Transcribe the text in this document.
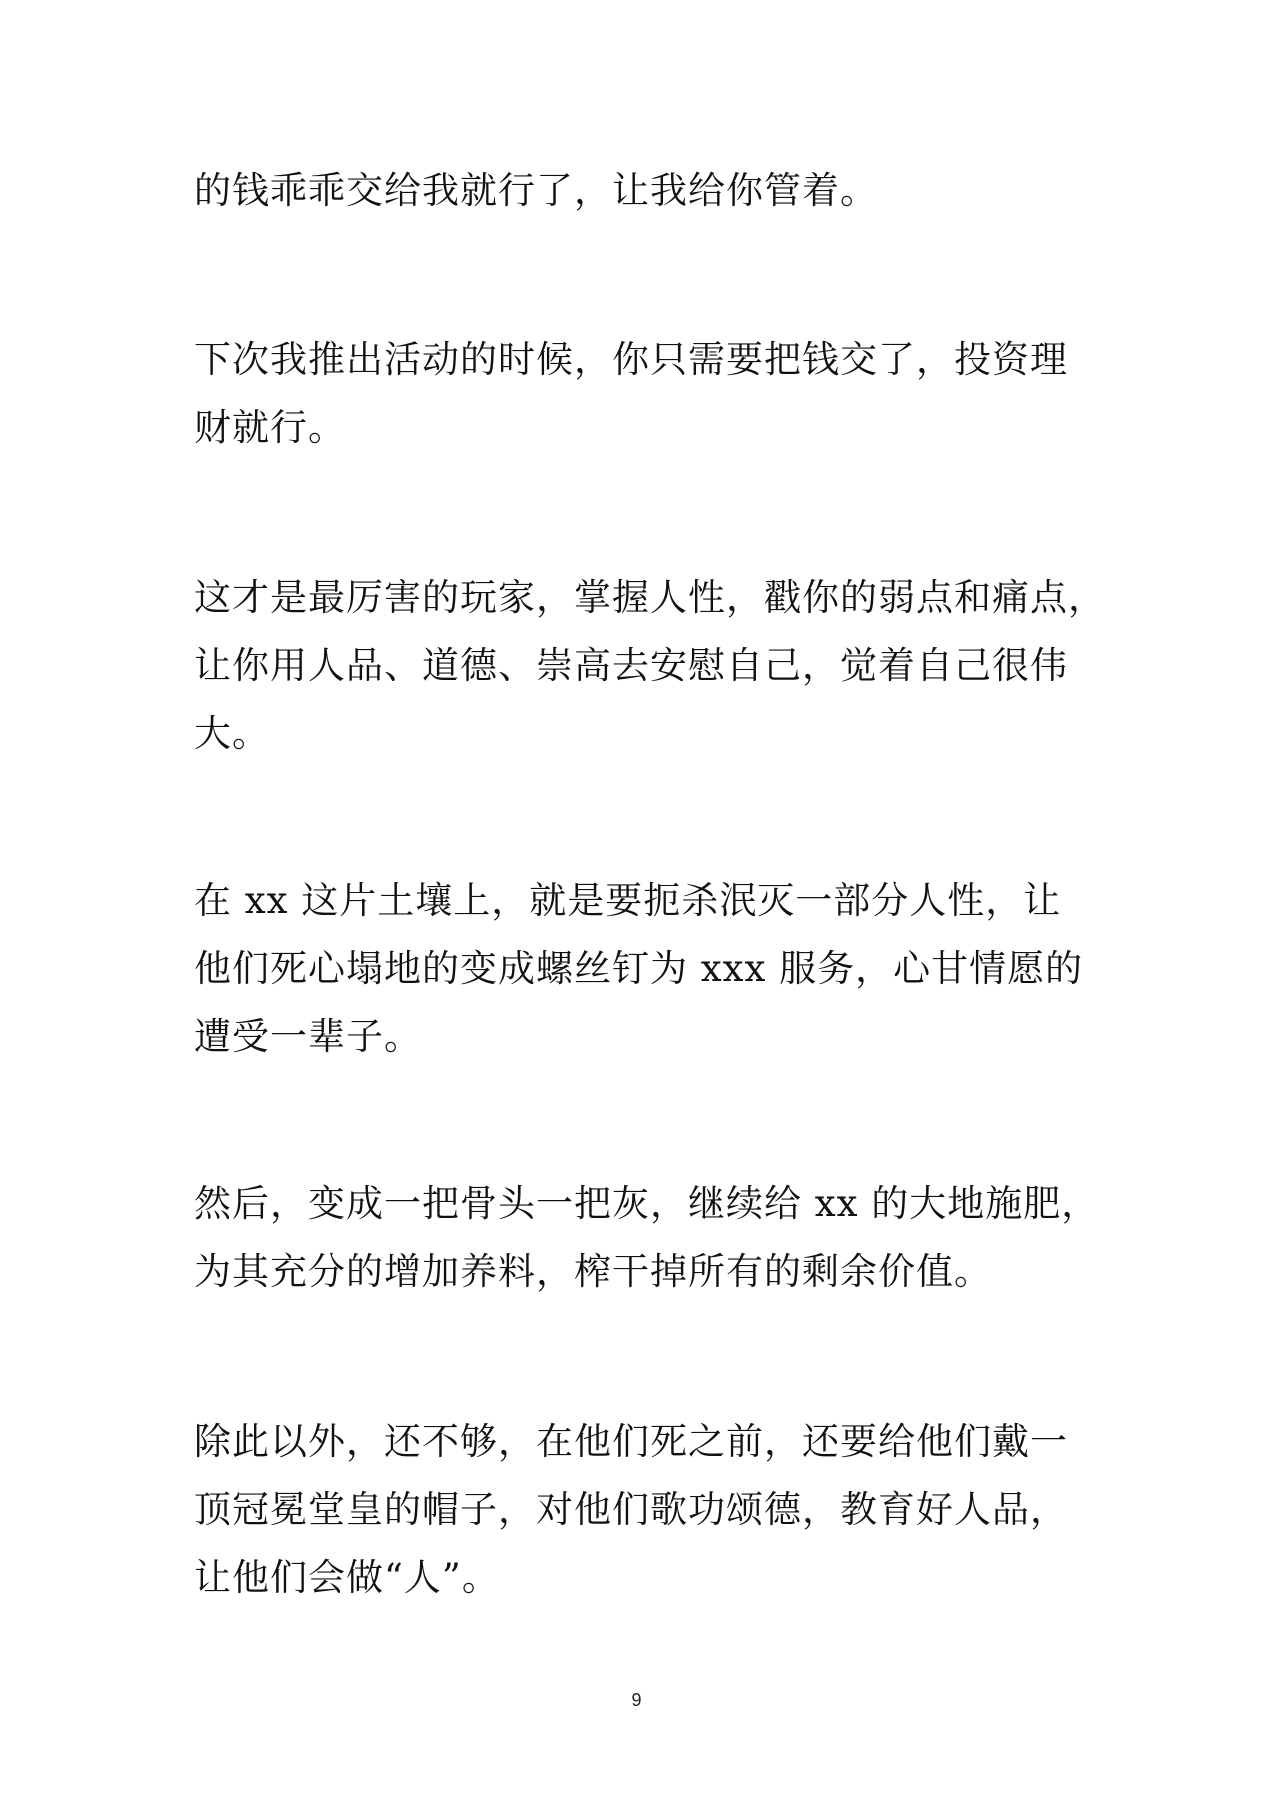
的钱乖乖交给我就行了，让我给你管着。

下次我推出活动的时候，你只需要把钱交了，投资理
财就行。

这才是最厉害的玩家，掌握人性，戳你的弱点和痛点，
让你用人品、道德、崇高去安慰自己，觉着自己很伟
大。

在 xx 这片土壤上，就是要扼杀泯灭一部分人性，让
他们死心塌地的变成螺丝钉为 xxx 服务，心甘情愿的
遭受一辈子。

然后，变成一把骨头一把灰，继续给 xx 的大地施肥，
为其充分的增加养料，榨干掉所有的剩余价值。

除此以外，还不够，在他们死之前，还要给他们戴一
顶冠冕堂皇的帽子，对他们歌功颂德，教育好人品，
让他们会做“人”。

9
